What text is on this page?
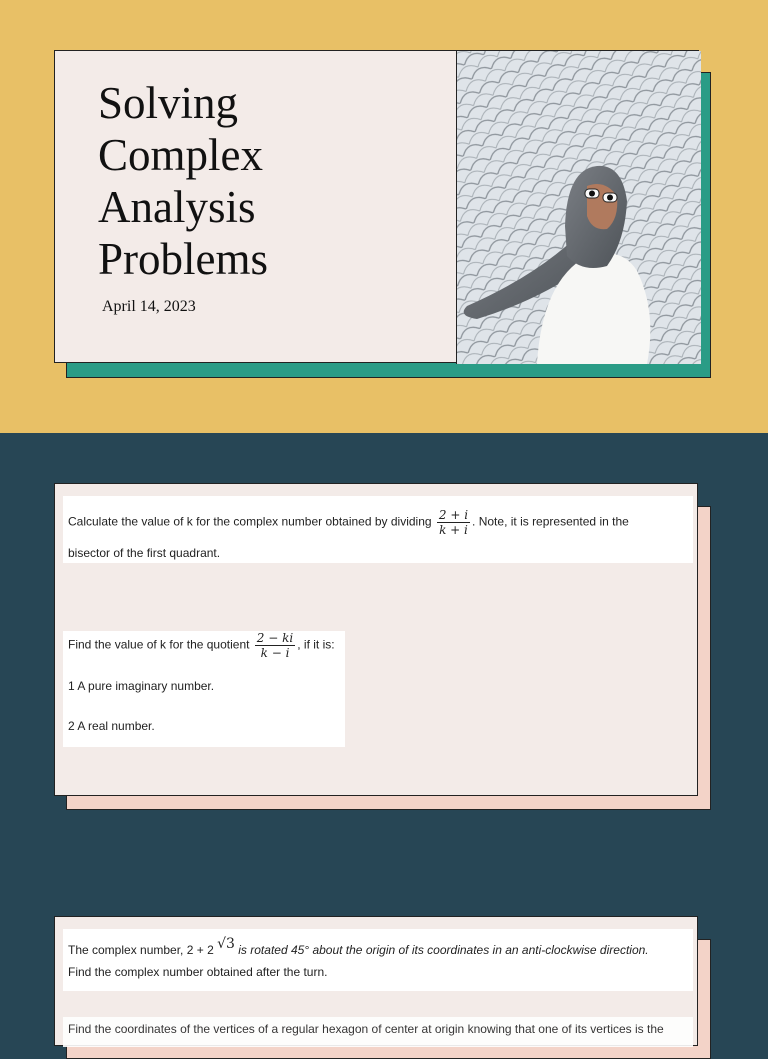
Solving
Complex
Analysis
Problems
April 14, 2023
Calculate the value of k for the complex number obtained by dividing $\frac{2 + i}{k + i}$ . Note, it is represented in the
bisector of the first quadrant.
Find the value of k for the quotient $\frac{2 - ki}{k - i}$ , if it is:
1 A pure imaginary number.
2 A real number.
The complex number, 2 + 2 √3 is rotated 45° about the origin of its coordinates in an anti-clockwise direction.
Find the complex number obtained after the turn.
Find the coordinates of the vertices of a regular hexagon of center at origin knowing that one of its vertices is the
